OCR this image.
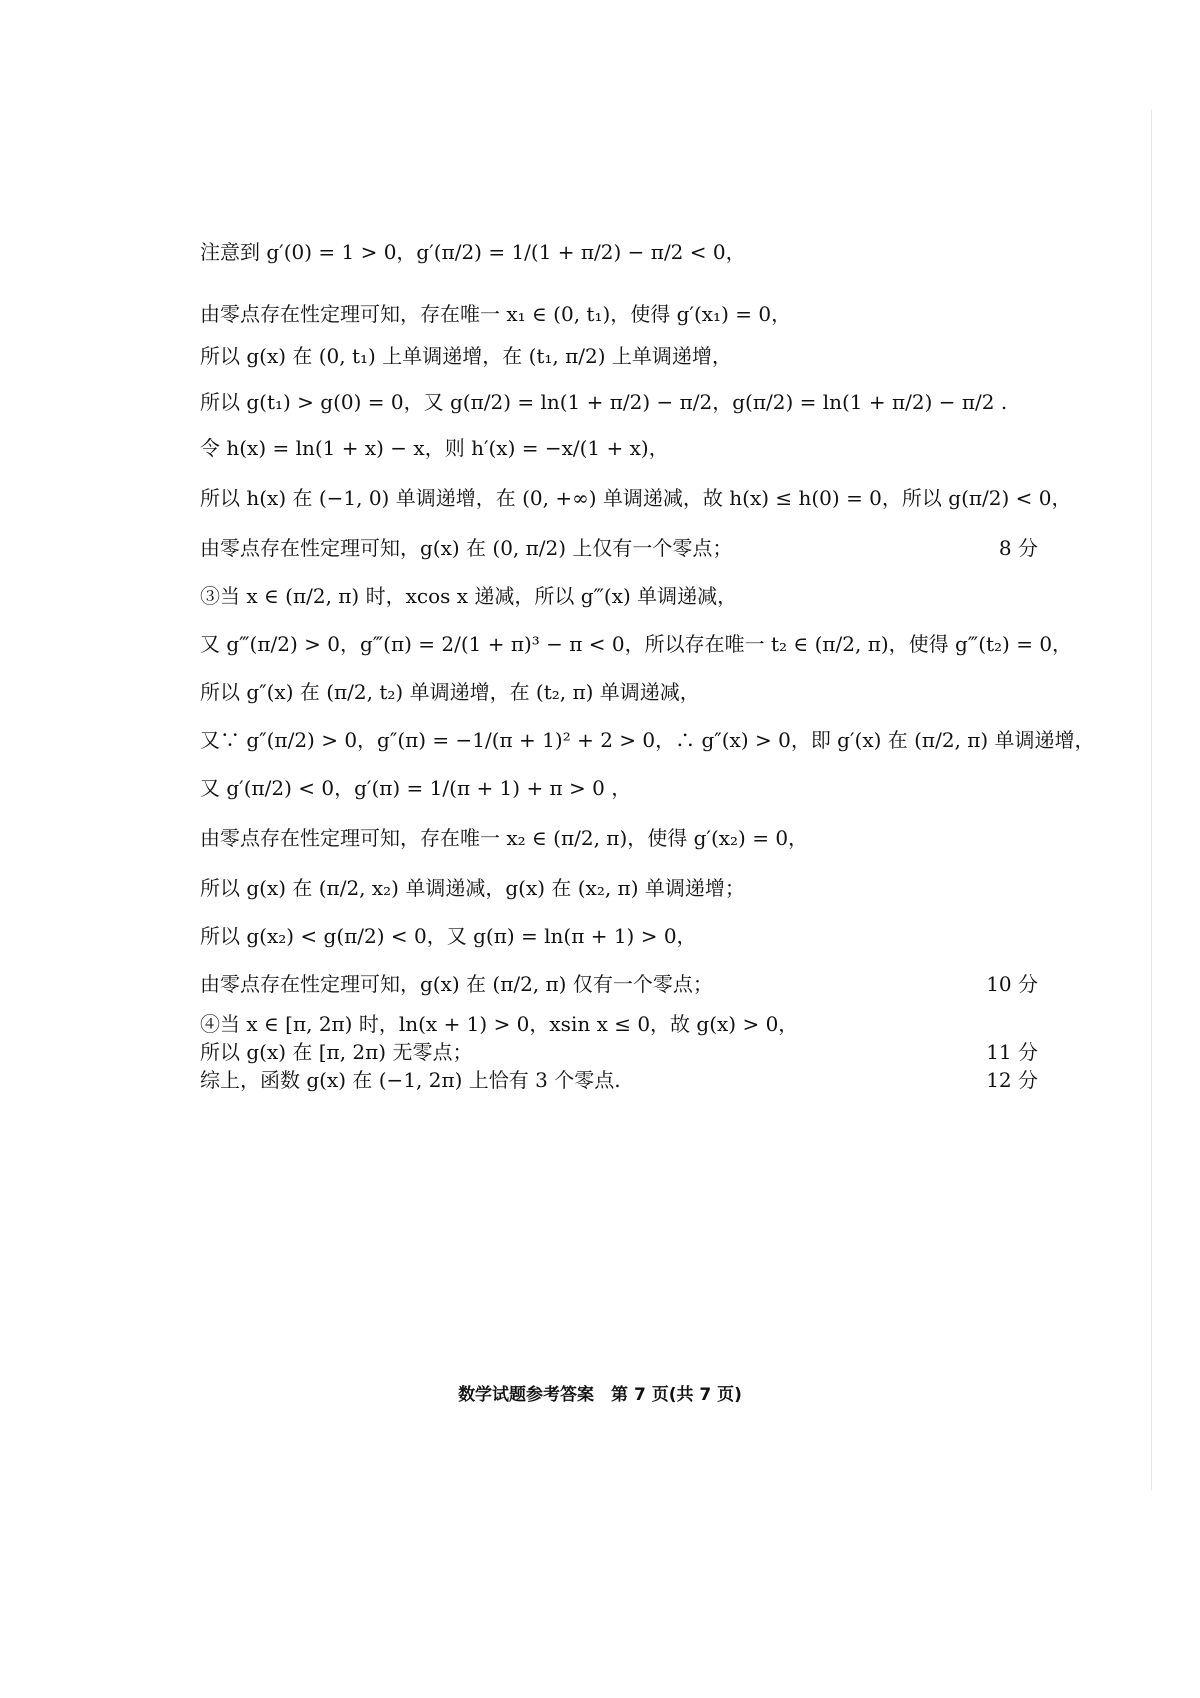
注意到 g′(0) = 1 > 0，g′(π/2) = 1/(1 + π/2) − π/2 < 0，
由零点存在性定理可知，存在唯一 x₁ ∈ (0, t₁)，使得 g′(x₁) = 0，
所以 g(x) 在 (0, t₁) 上单调递增，在 (t₁, π/2) 上单调递增，
所以 g(t₁) > g(0) = 0，又 g(π/2) = ln(1 + π/2) − π/2，g(π/2) = ln(1 + π/2) − π/2 .
令 h(x) = ln(1 + x) − x，则 h′(x) = −x/(1 + x)，
所以 h(x) 在 (−1, 0) 单调递增，在 (0, +∞) 单调递减，故 h(x) ≤ h(0) = 0，所以 g(π/2) < 0，
由零点存在性定理可知，g(x) 在 (0, π/2) 上仅有一个零点；	8 分
③当 x ∈ (π/2, π) 时，xcos x 递减，所以 g‴(x) 单调递减，
又 g‴(π/2) > 0，g‴(π) = 2/(1 + π)³ − π < 0，所以存在唯一 t₂ ∈ (π/2, π)，使得 g‴(t₂) = 0，
所以 g″(x) 在 (π/2, t₂) 单调递增，在 (t₂, π) 单调递减，
又∵ g″(π/2) > 0，g″(π) = −1/(π + 1)² + 2 > 0，∴ g″(x) > 0，即 g′(x) 在 (π/2, π) 单调递增，
又 g′(π/2) < 0，g′(π) = 1/(π + 1) + π > 0 ，
由零点存在性定理可知，存在唯一 x₂ ∈ (π/2, π)，使得 g′(x₂) = 0，
所以 g(x) 在 (π/2, x₂) 单调递减，g(x) 在 (x₂, π) 单调递增；
所以 g(x₂) < g(π/2) < 0，又 g(π) = ln(π + 1) > 0，
由零点存在性定理可知，g(x) 在 (π/2, π) 仅有一个零点；	10 分
④当 x ∈ [π, 2π) 时，ln(x + 1) > 0，xsin x ≤ 0，故 g(x) > 0，
所以 g(x) 在 [π, 2π) 无零点；	11 分
综上，函数 g(x) 在 (−1, 2π) 上恰有 3 个零点.	12 分
数学试题参考答案　第 7 页(共 7 页)
